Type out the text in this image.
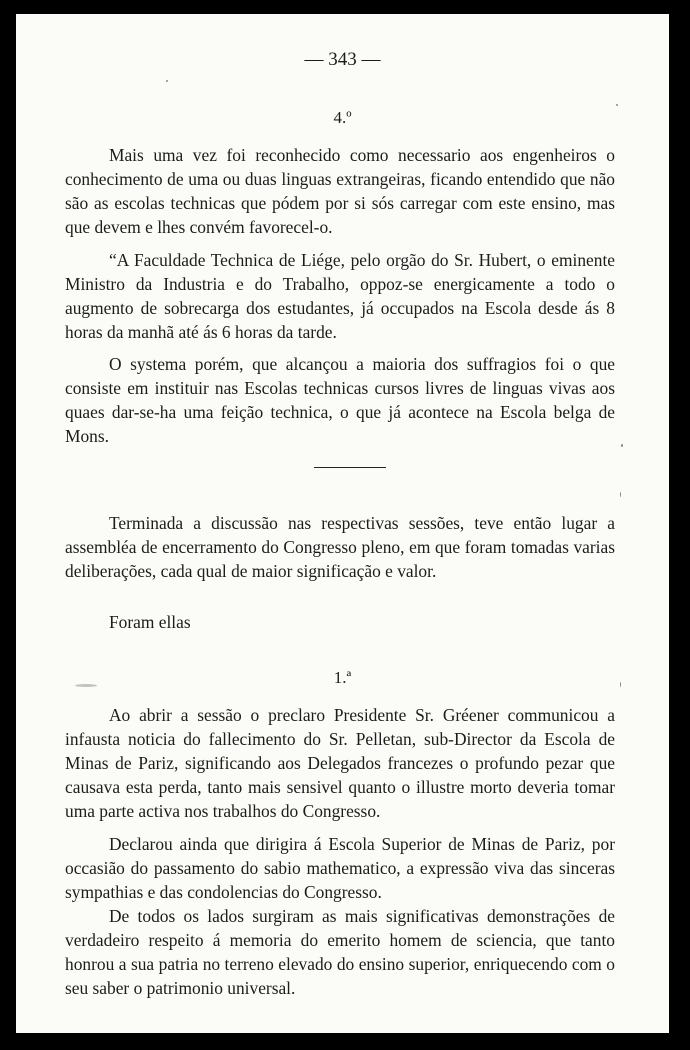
— 343 —
4.º

Mais uma vez foi reconhecido como necessario aos engenheiros o conhecimento de uma ou duas linguas extrangeiras, ficando entendido que não são as escolas technicas que pódem por si sós carregar com este ensino, mas que devem e lhes convém favorecel-o.

“A Faculdade Technica de Liége, pelo orgão do Sr. Hubert, o eminente Ministro da Industria e do Trabalho, oppoz-se energicamente a todo o augmento de sobrecarga dos estudantes, já occupados na Escola desde ás 8 horas da manhã até ás 6 horas da tarde.

O systema porém, que alcançou a maioria dos suffragios foi o que consiste em instituir nas Escolas technicas cursos livres de linguas vivas aos quaes dar-se-ha uma feição technica, o que já acontece na Escola belga de Mons.

Terminada a discussão nas respectivas sessões, teve então lugar a assembléa de encerramento do Congresso pleno, em que foram tomadas varias deliberações, cada qual de maior significação e valor.

Foram ellas

1.ª

Ao abrir a sessão o preclaro Presidente Sr. Gréener communicou a infausta noticia do fallecimento do Sr. Pelletan, sub-Director da Escola de Minas de Pariz, significando aos Delegados francezes o profundo pezar que causava esta perda, tanto mais sensivel quanto o illustre morto deveria tomar uma parte activa nos trabalhos do Congresso.

Declarou ainda que dirigira á Escola Superior de Minas de Pariz, por occasião do passamento do sabio mathematico, a expressão viva das sinceras sympathias e das condolencias do Congresso.

De todos os lados surgiram as mais significativas demonstrações de verdadeiro respeito á memoria do emerito homem de sciencia, que tanto honrou a sua patria no terreno elevado do ensino superior, enriquecendo com o seu saber o patrimonio universal.
